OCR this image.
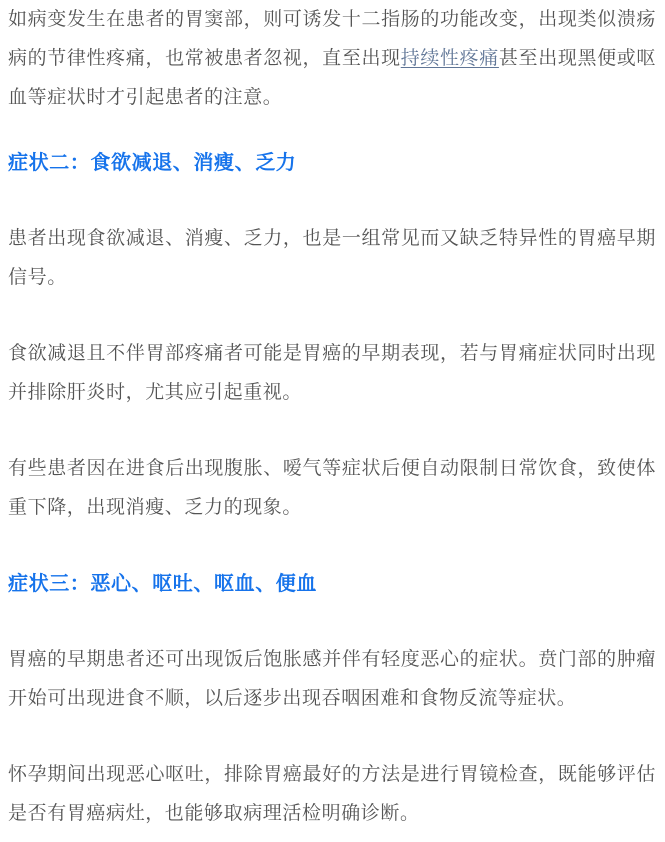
如病变发生在患者的胃窦部，则可诱发十二指肠的功能改变，出现类似溃疡病的节律性疼痛，也常被患者忽视，直至出现持续性疼痛甚至出现黑便或呕血等症状时才引起患者的注意。

症状二：食欲减退、消瘦、乏力

患者出现食欲减退、消瘦、乏力，也是一组常见而又缺乏特异性的胃癌早期信号。

食欲减退且不伴胃部疼痛者可能是胃癌的早期表现，若与胃痛症状同时出现并排除肝炎时，尤其应引起重视。

有些患者因在进食后出现腹胀、嗳气等症状后便自动限制日常饮食，致使体重下降，出现消瘦、乏力的现象。

症状三：恶心、呕吐、呕血、便血

胃癌的早期患者还可出现饭后饱胀感并伴有轻度恶心的症状。贲门部的肿瘤开始可出现进食不顺，以后逐步出现吞咽困难和食物反流等症状。

怀孕期间出现恶心呕吐，排除胃癌最好的方法是进行胃镜检查，既能够评估是否有胃癌病灶，也能够取病理活检明确诊断。
